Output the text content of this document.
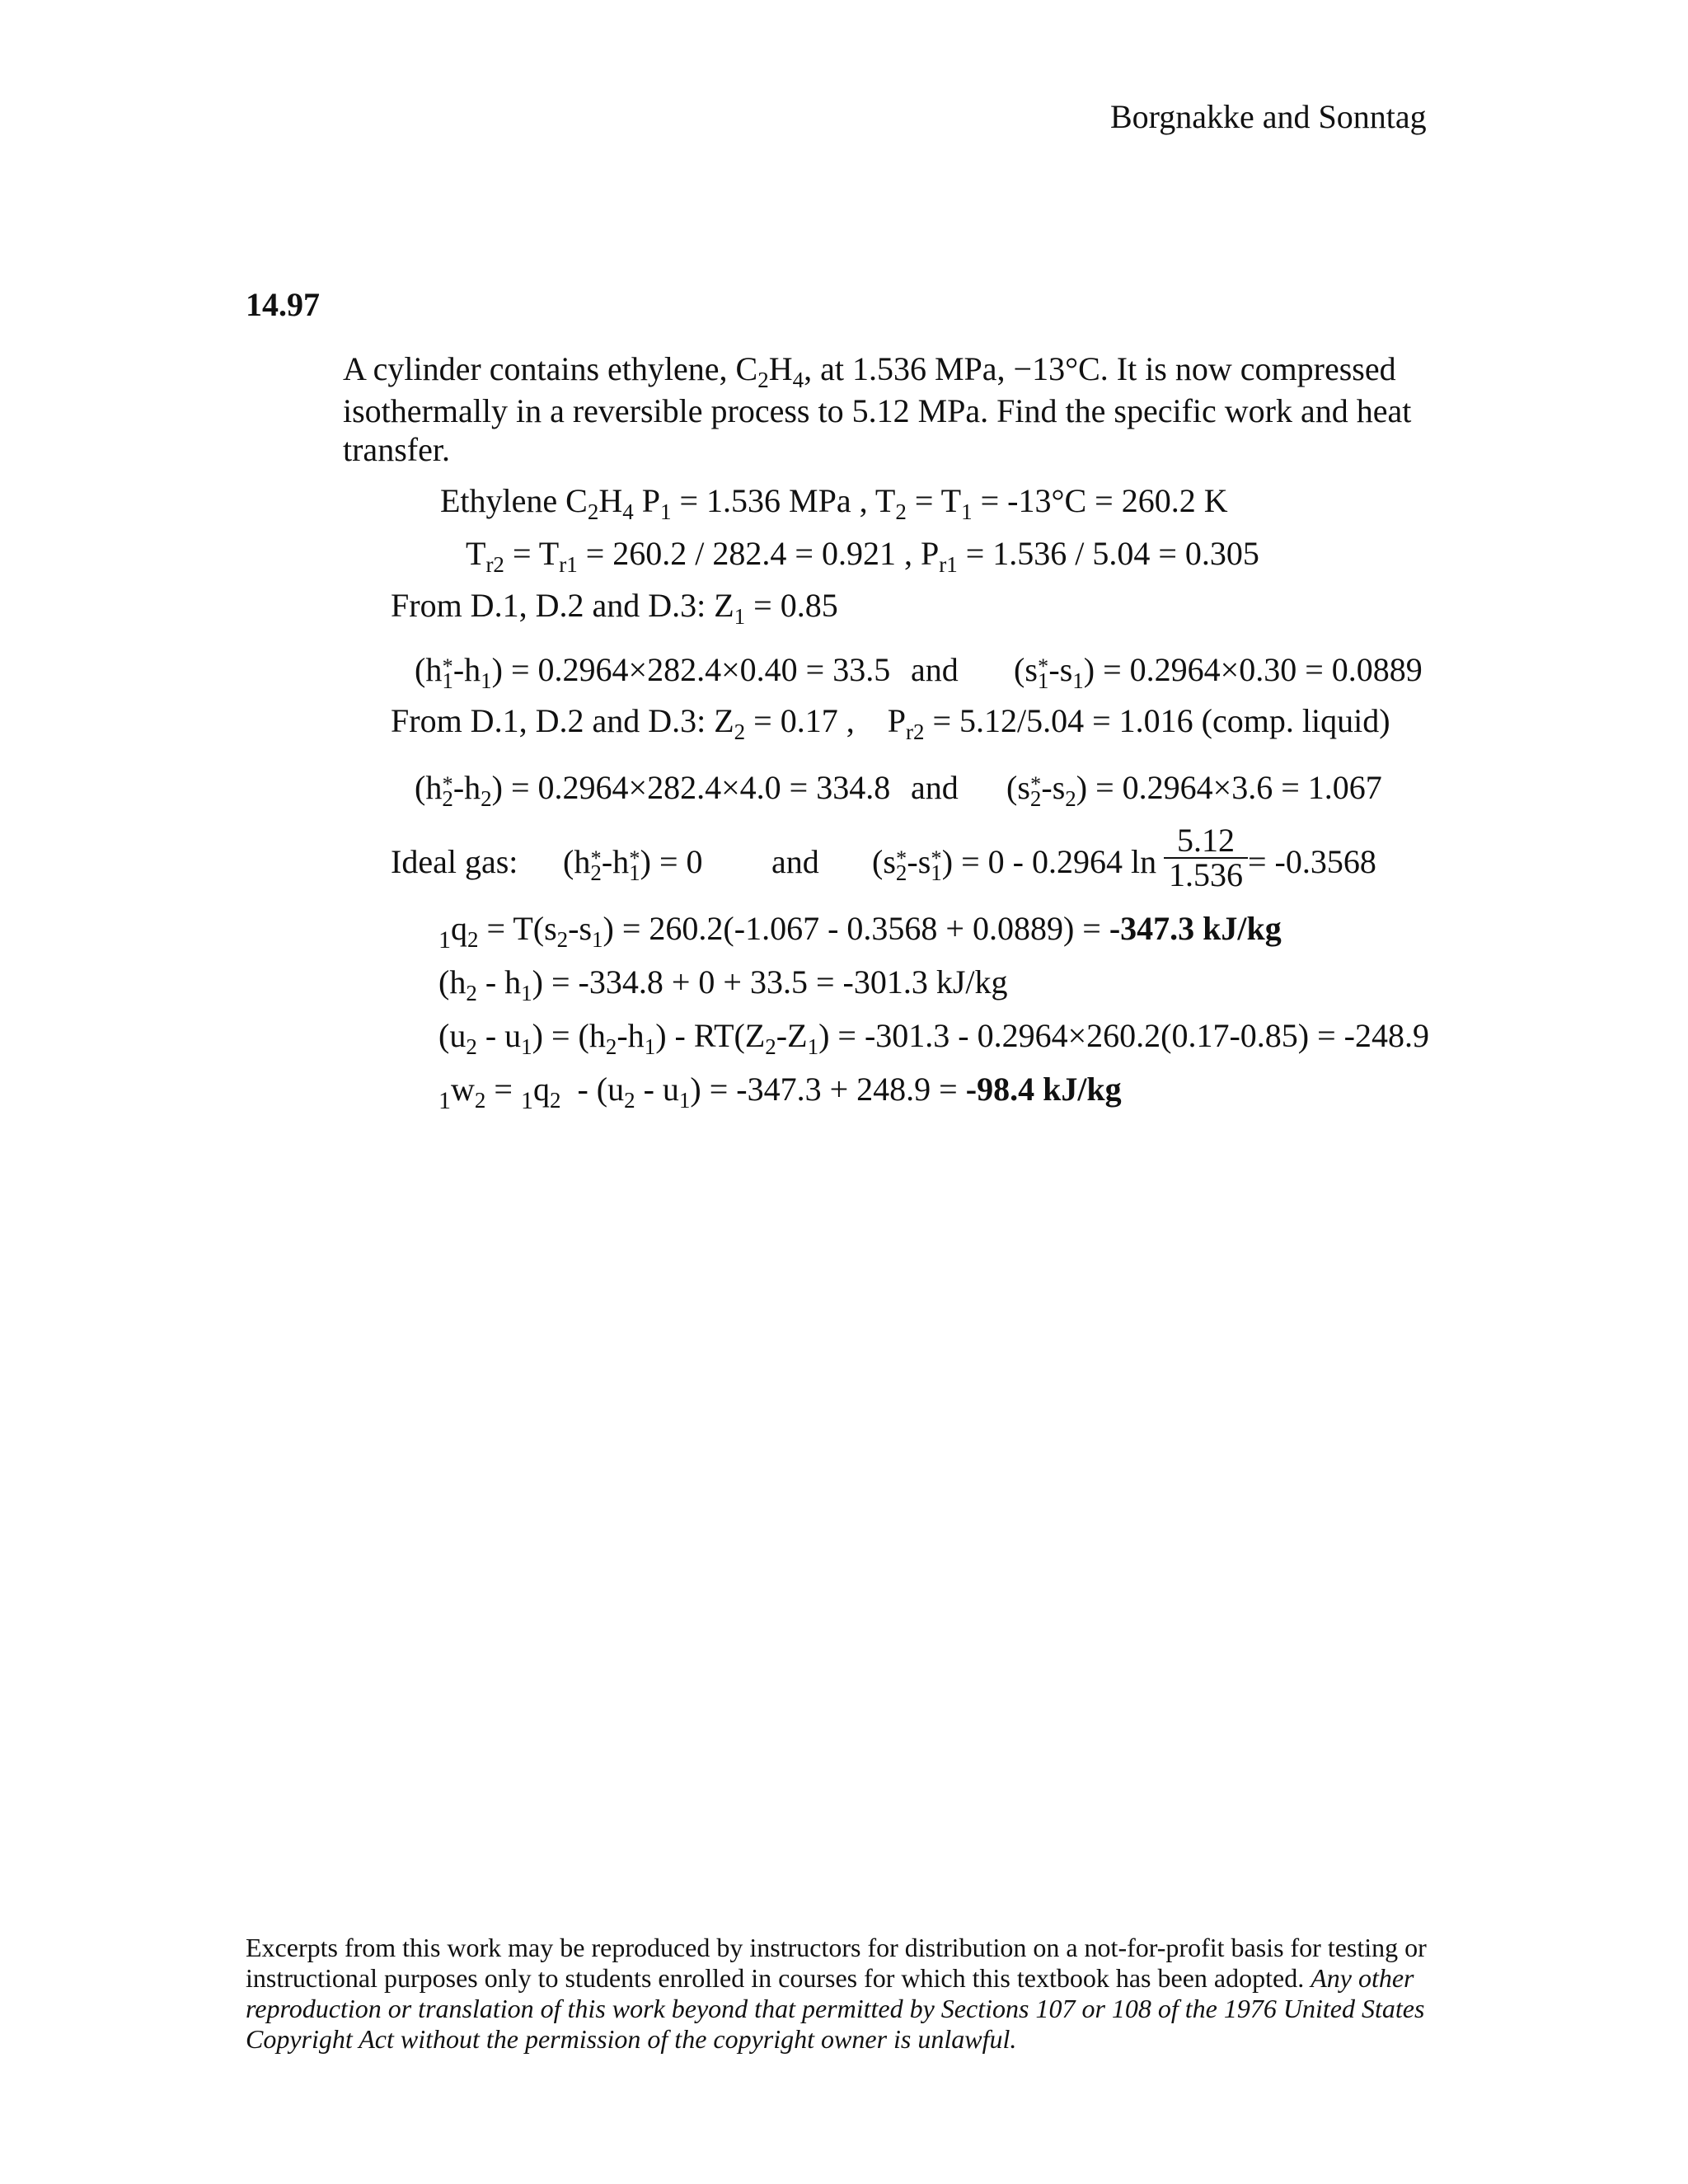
Borgnakke and Sonntag
14.97
A cylinder contains ethylene, $C_2H_4$, at 1.536 MPa, −13°C. It is now compressed
isothermally in a reversible process to 5.12 MPa. Find the specific work and heat
transfer.
Ethylene $C_2H_4$ $P_1 = 1.536$ MPa , $T_2 = T_1 = -13^\circ C = 260.2$ K
$T_{r2} = T_{r1} = 260.2 / 282.4 = 0.921$ , $P_{r1} = 1.536 / 5.04 = 0.305$
From D.1, D.2 and D.3: $Z_1 = 0.85$
(h* $_1-h_1) = 0.2964\times 282.4\times 0.40 = 33.5$ and (s* $_1-s_1) = 0.2964\times 0.30 = 0.0889$
From D.1, D.2 and D.3: $Z_2 = 0.17$ ,    $P_{r2} = 5.12/5.04 = 1.016$ (comp. liquid)
(h* $_2-h_2) = 0.2964\times 282.4\times 4.0 = 334.8$ and (s* $_2-s_2) = 0.2964\times 3.6 = 1.067$
Ideal gas: (h* $_2$-h* $_1$) = 0 and (s* $_2$-s* $_1$) = 0 - 0.2964 $\ln \frac{5.12}{1.536} = -0.3568$
$_1q_2 = T(s_2-s_1) = 260.2(-1.067 - 0.3568 + 0.0889) = -347.3$ kJ/kg
$(h_2 - h_1) = -334.8 + 0 + 33.5 = -301.3$ kJ/kg
$(u_2 - u_1) = (h_2-h_1) - RT(Z_2-Z_1) = -301.3 - 0.2964\times 260.2(0.17-0.85) = -248.9$
$_1w_2 = _1q_2 - (u_2 - u_1) = -347.3 + 248.9 = -98.4$ kJ/kg
Excerpts from this work may be reproduced by instructors for distribution on a not-for-profit basis for testing or instructional purposes only to students enrolled in courses for which this textbook has been adopted. Any other reproduction or translation of this work beyond that permitted by Sections 107 or 108 of the 1976 United States Copyright Act without the permission of the copyright owner is unlawful.
